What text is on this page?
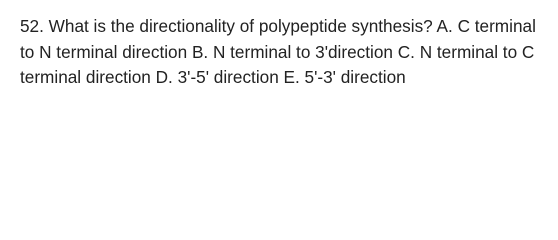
52. What is the directionality of polypeptide synthesis? A. C terminal to N terminal direction B. N terminal to 3'direction C. N terminal to C terminal direction D. 3'-5' direction E. 5'-3' direction
